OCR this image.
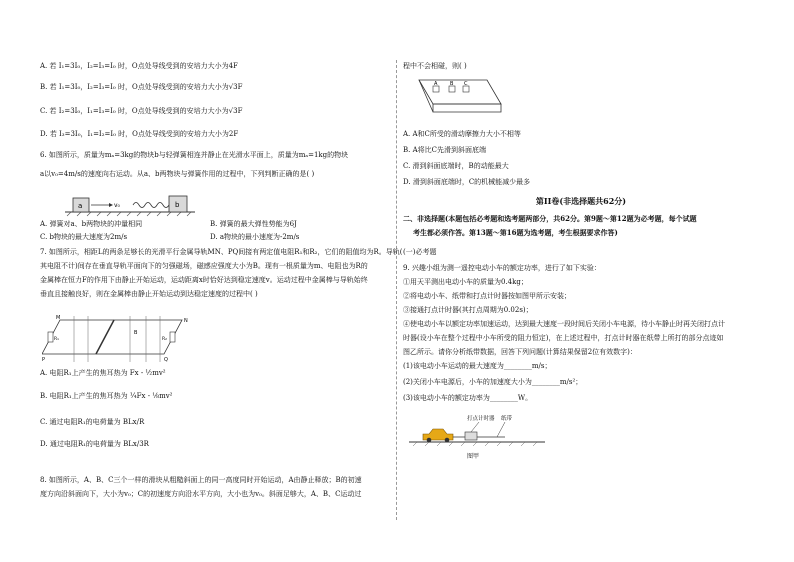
A. 若 I₁=3I₀，I₂=I₃=I₀ 时，O点处导线受到的安培力大小为4F
B. 若 I₁=3I₀，I₂=I₃=I₀ 时，O点处导线受到的安培力大小为√3F
C. 若 I₂=3I₀，I₁=I₃=I₀ 时，O点处导线受到的安培力大小为√3F
D. 若 I₃=3I₀，I₁=I₂=I₀ 时，O点处导线受到的安培力大小为2F
6. 如图所示，质量为mₐ=3kg的物块b与轻弹簧相连并静止在光滑水平面上，质量为mₐ=1kg的物块
a以v₀=4m/s的速度向右运动。从a、b两物块与弹簧作用的过程中，下列判断正确的是( )
a	v₀	b
A. 弹簧对a、b两物块的冲量相同	B. 弹簧的最大弹性势能为6J
C. b物块的最大速度为2m/s	D. a物块的最小速度为-2m/s
7. 如图所示，相距L的两条足够长的光滑平行金属导轨MN、PQ间接有两定值电阻R₁和R₂，它们的阻值均为R。导轨(
其电阻不计)间存在垂直导轨平面向下的匀强磁场，磁感应强度大小为B。现有一根质量为m、电阻也为R的
金属棒在恒力F的作用下由静止开始运动，运动距离x时恰好达到稳定速度v。运动过程中金属棒与导轨始终
垂直且接触良好，则在金属棒由静止开始运动到达稳定速度的过程中( )
M	N
P	Q
B
R₁	R₂
A. 电阻R₁上产生的焦耳热为 Fx - ½mv²
B. 电阻R₁上产生的焦耳热为 ¼Fx - ⅛mv²
C. 通过电阻R₁的电荷量为 BLx/R
D. 通过电阻R₁的电荷量为 BLx/3R
8. 如图所示，A、B、C三个一样的滑块从粗糙斜面上的同一高度同时开始运动，A由静止释放；B的初速
度方向沿斜面向下，大小为v₀；C的初速度方向沿水平方向，大小也为v₀。斜面足够大，A、B、C运动过
程中不会相碰，则( )
A	B C
A. A和C所受的滑动摩擦力大小不相等
B. A将比C先滑到斜面底端
C. 滑到斜面底端时，B的动能最大
D. 滑到斜面底端时，C的机械能减少最多
第II卷(非选择题共62分)
二、非选择题(本题包括必考题和选考题两部分，共62分。第9题～第12题为必考题，每个试题
考生都必须作答。第13题～第16题为选考题，考生根据要求作答)
(一)必考题
9. 兴趣小组为测一遥控电动小车的额定功率，进行了如下实验：
①用天平测出电动小车的质量为0.4kg；
②将电动小车、纸带和打点计时器按如图甲所示安装；
③接通打点计时器(其打点周期为0.02s)；
④使电动小车以额定功率加速运动，达到最大速度一段时间后关闭小车电源，待小车静止时再关闭打点计
时器(设小车在整个过程中小车所受的阻力恒定)，在上述过程中，打点计时器在纸带上所打的部分点迹如
图乙所示。请你分析纸带数据，回答下列问题(计算结果保留2位有效数字)：
(1)该电动小车运动的最大速度为________m/s；
(2)关闭小车电源后，小车的加速度大小为________m/s²；
(3)该电动小车的额定功率为________W。
打点计时器 纸带
图甲
